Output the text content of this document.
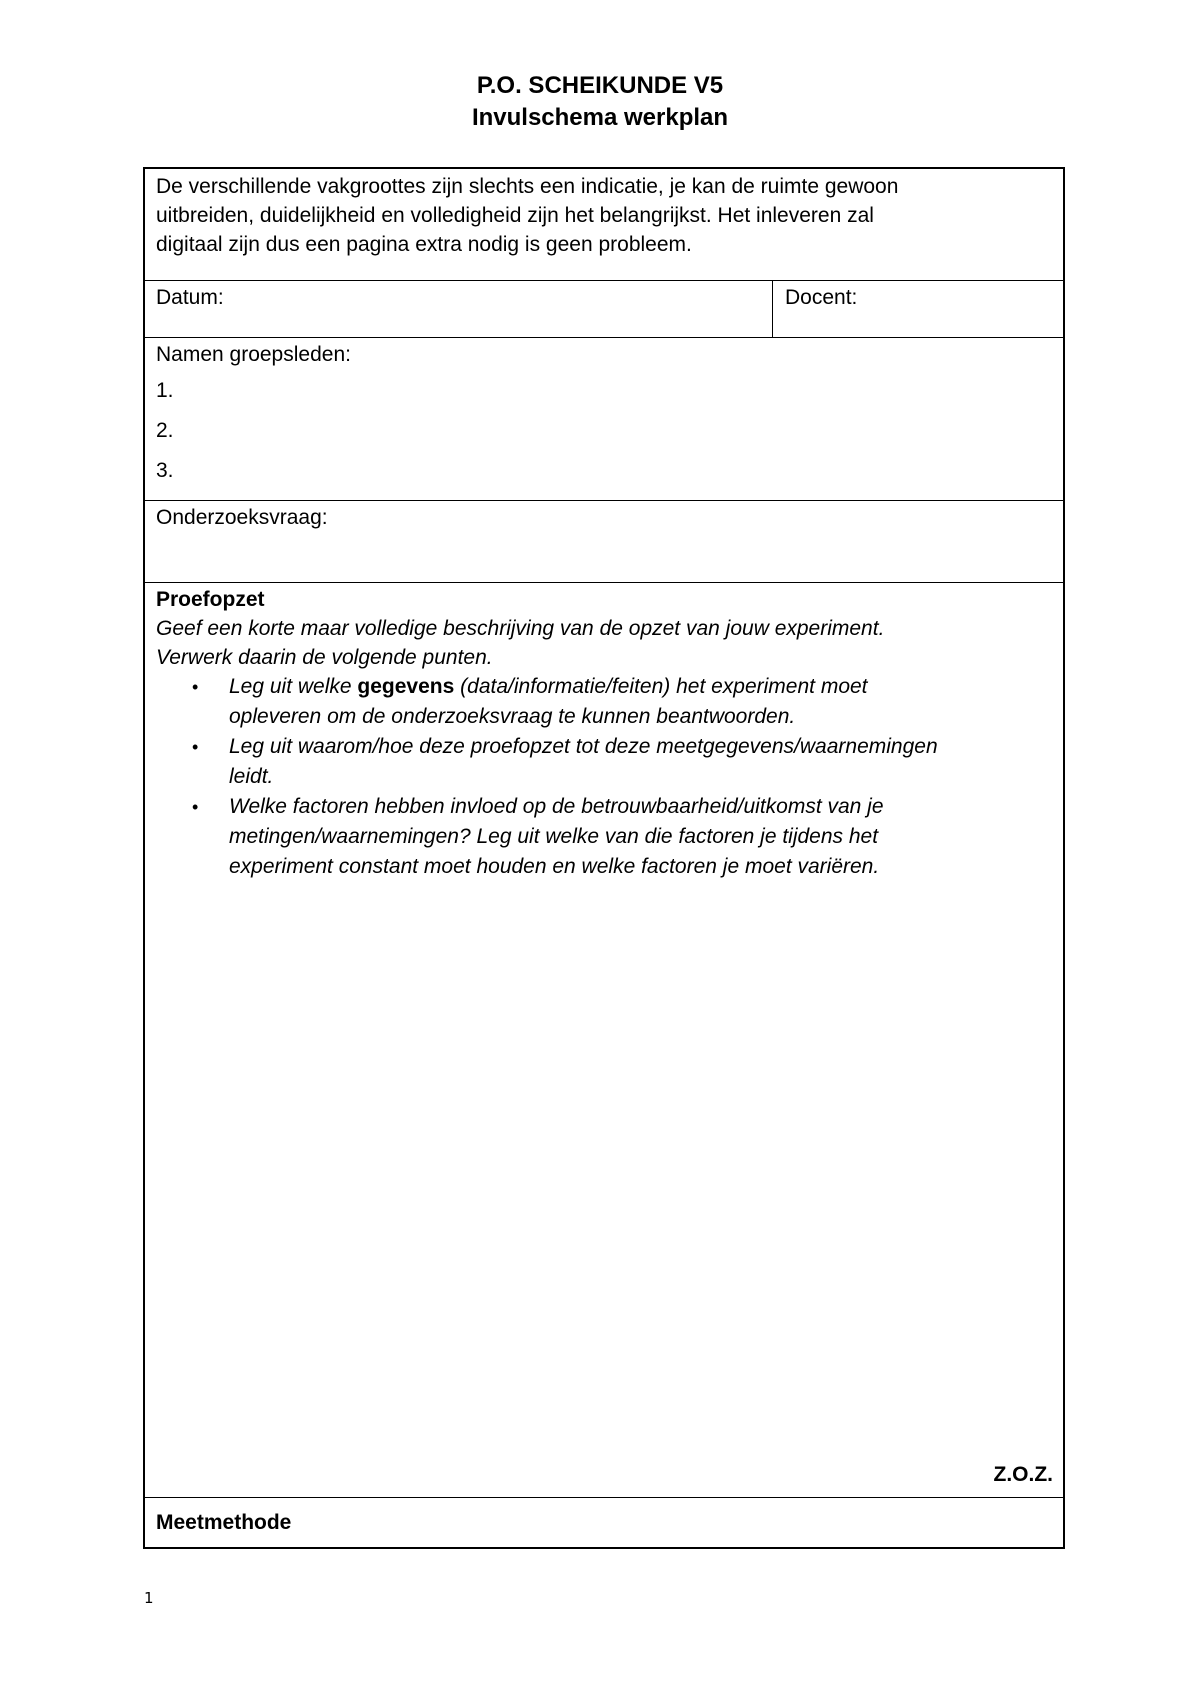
P.O. SCHEIKUNDE V5
Invulschema werkplan
De verschillende vakgroottes zijn slechts een indicatie, je kan de ruimte gewoon
uitbreiden, duidelijkheid en volledigheid zijn het belangrijkst. Het inleveren zal
digitaal zijn dus een pagina extra nodig is geen probleem.
Datum:	Docent:
Namen groepsleden:
1.
2.
3.
Onderzoeksvraag:
Proefopzet
Geef een korte maar volledige beschrijving van de opzet van jouw experiment.
Verwerk daarin de volgende punten.
• Leg uit welke gegevens (data/informatie/feiten) het experiment moet
opleveren om de onderzoeksvraag te kunnen beantwoorden.
• Leg uit waarom/hoe deze proefopzet tot deze meetgegevens/waarnemingen
leidt.
• Welke factoren hebben invloed op de betrouwbaarheid/uitkomst van je
metingen/waarnemingen? Leg uit welke van die factoren je tijdens het
experiment constant moet houden en welke factoren je moet variëren.
Z.O.Z.
Meetmethode
1
